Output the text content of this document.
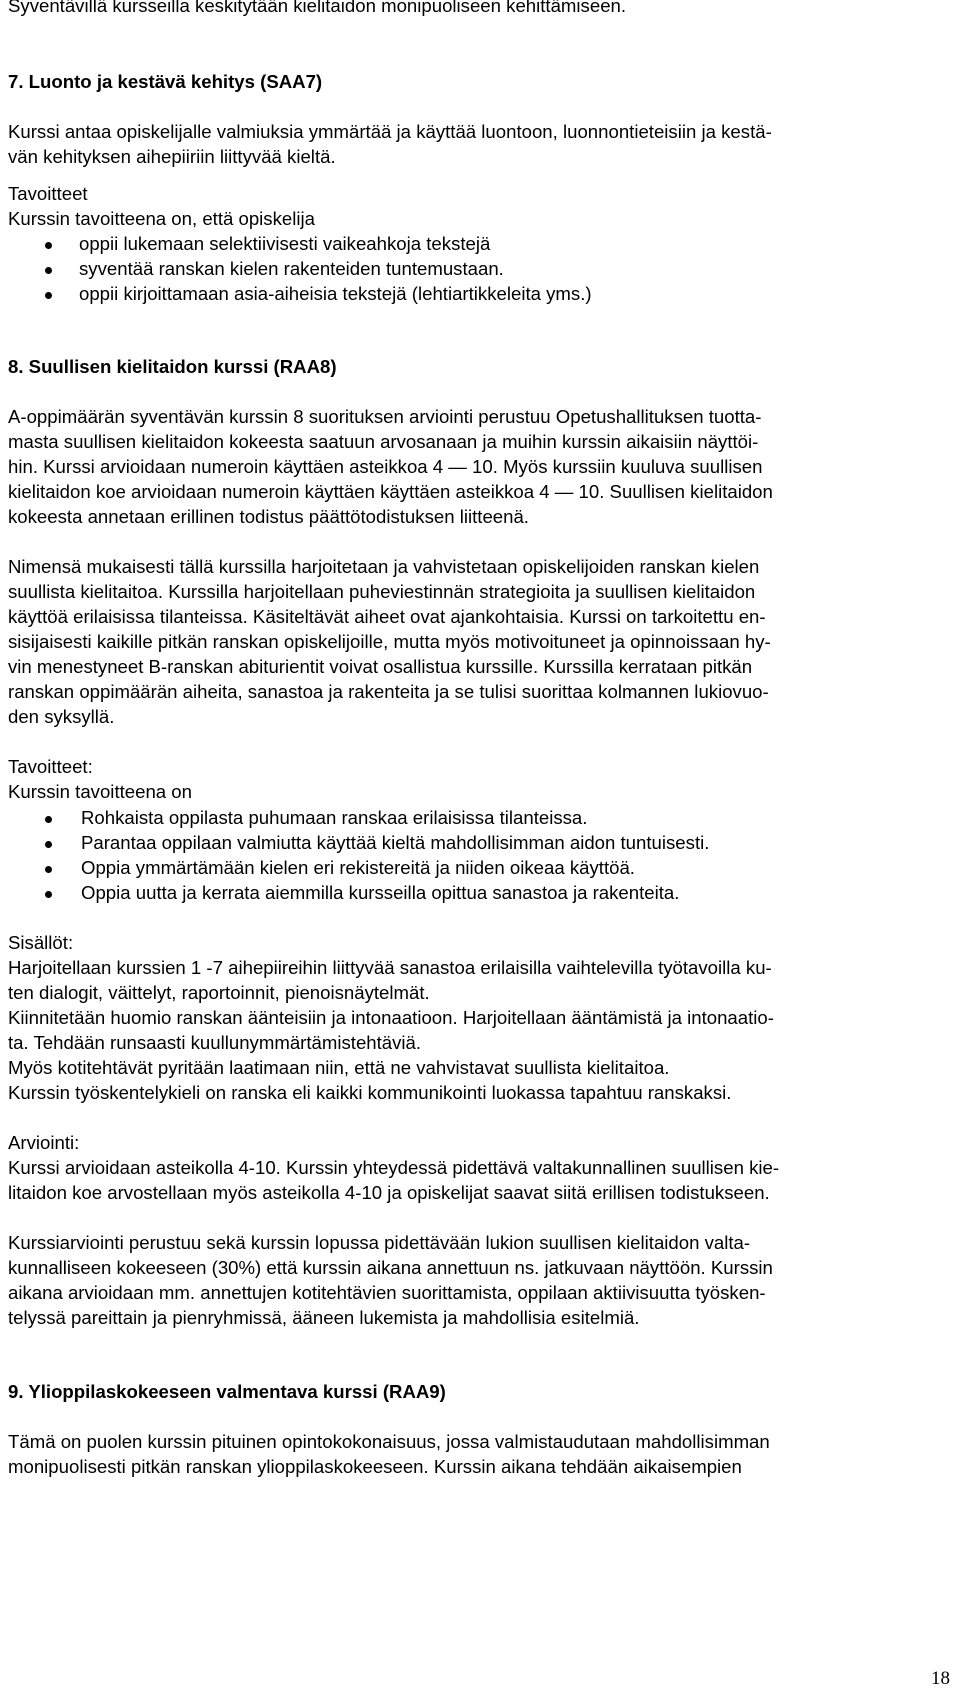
Syventävillä kursseilla keskitytään kielitaidon monipuoliseen kehittämiseen.
7. Luonto ja kestävä kehitys (SAA7)
Kurssi antaa opiskelijalle valmiuksia ymmärtää ja käyttää luontoon, luonnontieteisiin ja kestä-
vän kehityksen aihepiiriin liittyvää kieltä.
Tavoitteet
Kurssin tavoitteena on, että opiskelija
oppii lukemaan selektiivisesti vaikeahkoja tekstejä
syventää ranskan kielen rakenteiden tuntemustaan.
oppii kirjoittamaan asia-aiheisia tekstejä (lehtiartikkeleita yms.)
8. Suullisen kielitaidon kurssi (RAA8)
A-oppimäärän syventävän kurssin 8 suorituksen arviointi perustuu Opetushallituksen tuotta-
masta suullisen kielitaidon kokeesta saatuun arvosanaan ja muihin kurssin aikaisiin näyttöi-
hin. Kurssi arvioidaan numeroin käyttäen asteikkoa 4 — 10. Myös kurssiin kuuluva suullisen
kielitaidon koe arvioidaan numeroin käyttäen käyttäen asteikkoa 4 — 10. Suullisen kielitaidon
kokeesta annetaan erillinen todistus päättötodistuksen liitteenä.
Nimensä mukaisesti tällä kurssilla harjoitetaan ja vahvistetaan opiskelijoiden ranskan kielen
suullista kielitaitoa. Kurssilla harjoitellaan puheviestinnän strategioita ja suullisen kielitaidon
käyttöä erilaisissa tilanteissa. Käsiteltävät aiheet ovat ajankohtaisia. Kurssi on tarkoitettu en-
sisijaisesti kaikille pitkän ranskan opiskelijoille, mutta myös motivoituneet ja opinnoissaan hy-
vin menestyneet B-ranskan abiturientit voivat osallistua kurssille. Kurssilla kerrataan pitkän
ranskan oppimäärän aiheita, sanastoa ja rakenteita ja se tulisi suorittaa kolmannen lukiovuo-
den syksyllä.
Tavoitteet:
Kurssin tavoitteena on
Rohkaista oppilasta puhumaan ranskaa erilaisissa tilanteissa.
Parantaa oppilaan valmiutta käyttää kieltä mahdollisimman aidon tuntuisesti.
Oppia ymmärtämään kielen eri rekistereitä ja niiden oikeaa käyttöä.
Oppia uutta ja kerrata aiemmilla kursseilla opittua sanastoa ja rakenteita.
Sisällöt:
Harjoitellaan kurssien 1 -7 aihepiireihin liittyvää sanastoa erilaisilla vaihtelevilla työtavoilla ku-
ten dialogit, väittelyt, raportoinnit, pienoisnäytelmät.
Kiinnitetään huomio ranskan äänteisiin ja intonaatioon. Harjoitellaan ääntämistä ja intonaatio-
ta. Tehdään runsaasti kuullunymmärtämistehtäviä.
Myös kotitehtävät pyritään laatimaan niin, että ne vahvistavat suullista kielitaitoa.
Kurssin työskentelykieli on ranska eli kaikki kommunikointi luokassa tapahtuu ranskaksi.
Arviointi:
Kurssi arvioidaan asteikolla 4-10. Kurssin yhteydessä pidettävä valtakunnallinen suullisen kie-
litaidon koe arvostellaan myös asteikolla 4-10 ja opiskelijat saavat siitä erillisen todistukseen.
Kurssiarviointi perustuu sekä kurssin lopussa pidettävään lukion suullisen kielitaidon valta-
kunnalliseen kokeeseen (30%) että kurssin aikana annettuun ns. jatkuvaan näyttöön. Kurssin
aikana arvioidaan mm. annettujen kotitehtävien suorittamista, oppilaan aktiivisuutta työsken-
telyssä pareittain ja pienryhmissä, ääneen lukemista ja mahdollisia esitelmiä.
9. Ylioppilaskokeeseen valmentava kurssi (RAA9)
Tämä on puolen kurssin pituinen opintokokonaisuus, jossa valmistaudutaan mahdollisimman
monipuolisesti pitkän ranskan ylioppilaskokeeseen. Kurssin aikana tehdään aikaisempien
18
